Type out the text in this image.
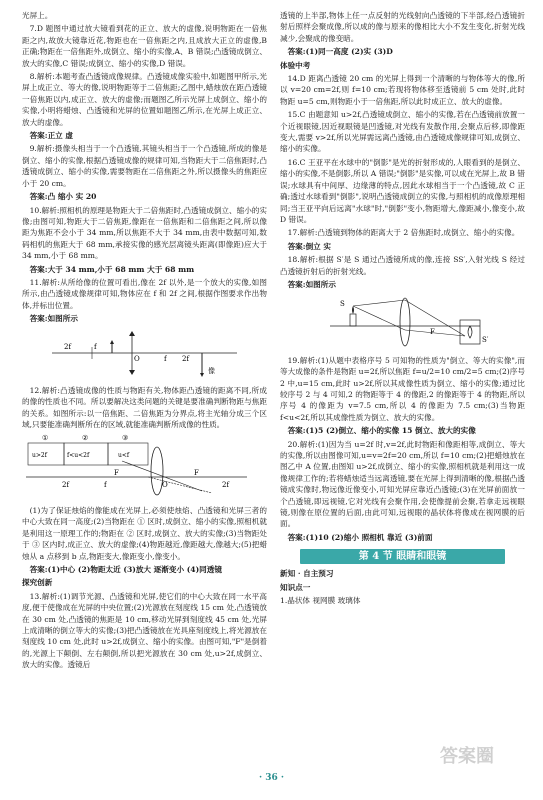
光屏上。

7.D 题图中通过放大镜看到花的正立、放大的虚像,说明物距在一倍焦距之内,故放大镜靠近花,物距也在一倍焦距之内,且成放大正立的虚像,B 正确;物距在一倍焦距外,成倒立、缩小的实像,A、B 错误;凸透镜成倒立、放大的实像,C 错误;成倒立、缩小的实像,D 错误。

8.解析:本题考查凸透镜成像规律。凸透镜成像实验中,如题图甲所示,光屏上成正立、等大的像,说明物距等于二倍焦距;乙图中,蜡烛放在距凸透镜一倍焦距以内,成正立、放大的虚像;而题图乙所示光屏上成倒立、缩小的实像,小明将蜡烛、凸透镜和光屏的位置如题图乙所示,在光屏上成正立、放大的虚像。

答案:正立 虚

9.解析:摄像头相当于一个凸透镜,其镜头相当于一个凸透镜,所成的像是倒立、缩小的实像,根据凸透镜成像的规律可知,当物距大于二倍焦距时,凸透镜成倒立、缩小的实像,需要物距在二倍焦距之外,所以摄像头的焦距应小于 20 cm。

答案:凸 缩小 实 20

10.解析:照相机的原理是物距大于二倍焦距时,凸透镜成倒立、缩小的实像;由图可知,物距大于二倍焦距,像距在一倍焦距和二倍焦距之间,所以像距为焦距不会小于 34 mm,所以焦距不大于 34 mm,由表中数据可知,数码相机的焦距大于 68 mm,承接实像的感光层离镜头距离(即像距)应大于 34 mm,小于 68 mm。

答案:大于 34 mm,小于 68 mm 大于 68 mm

11.解析:从所给像的位置可看出,像在 2f 以外,是一个放大的实像,如图所示,由凸透镜成像规律可知,物体应在 f 和 2f 之间,根据作图要求作出物体,并标出位置。

答案:如图所示

2f	f
O	f 2f
像

12.解析:凸透镜成像的性质与物距有关,物体距凸透镜的距离不同,所成的像的性质也不同。所以要解决这类问题的关键是要准确判断物距与焦距的关系。如图所示:以一倍焦距、二倍焦距为分界点,将主光轴分成三个区域,只要能准确判断所在的区域,就能准确判断所成像的性质。

①	②	③
u>2f	f<u<2f	u<f
2f	f	O
F
2f
F

(1)为了保证烛焰的像能成在光屏上,必须使烛焰、凸透镜和光屏三者的中心大致在同一高度;(2)当物距在 ① 区时,成倒立、缩小的实像,照相机就是利用这一原理工作的;物距在 ② 区时,成倒立、放大的实像;(3)当物距处于 ③ 区内时,成正立、放大的虚像;(4)物距越近,像距越大,像越大;(5)把蜡烛从 a 点移到 b 点,物距变大,像距变小,像变小。

答案:(1)中心 (2)物距太近 (3)放大 逐渐变小 (4)同透镜

探究创新

13.解析:(1)调节光源、凸透镜和光屏,使它们的中心大致在同一水平高度,便于使像成在光屏的中央位置;(2)光源放在刻度线 15 cm 处,凸透镜放在 30 cm 处,凸透镜的焦距是 10 cm,移动光屏到刻度线 45 cm 处,光屏上成清晰的倒立等大的实像;(3)把凸透镜放在光具座刻度线上,将光源放在刻度线 10 cm 处,此时 u>2f,成倒立、缩小的实像。由图可知,"F"是倒着的,光源上下颠倒、左右颠倒,所以把光源放在 30 cm 处,u>2f,成倒立、放大的实像。透镜后

透镜的上半部,物体上任一点反射的光线射向凸透镜的下半部,经凸透镜折射后照样会聚成像,所以成的像与原来的像相比大小不发生变化,折射光线减少,会聚成的像变暗。

答案:(1)同一高度 (2)实 (3)D

体验中考

14.D 距离凸透镜 20 cm 的光屏上得到一个清晰的与物体等大的像,所以 v=20 cm=2f,则 f=10 cm;若现将物体移至透镜前 5 cm 处时,此时物距 u=5 cm,则物距小于一倍焦距,所以此时成正立、放大的虚像。

15.C 由题意知 u>2f,凸透镜成倒立、缩小的实像,若在凸透镜前放置一个近视眼镜,因近视眼镜是凹透镜,对光线有发散作用,会聚点后移,即像距变大,需要 v>2f,所以光屏需远离凸透镜,由凸透镜成像规律可知,成倒立、缩小的实像。

16.C 王亚平在水球中的"倒影"是光的折射形成的,人眼看到的是倒立、缩小的实像,不是倒影,所以 A 错误;"倒影"是实像,可以成在光屏上,故 B 错误;水球具有中间厚、边缘薄的特点,因此水球相当于一个凸透镜,故 C 正确;透过水球看到"倒影",说明凸透镜成倒立的实像,与照相机的成像原理相同;当王亚平向后远离"水球"时,"倒影"变小,物距增大,像距减小,像变小,故 D 错误。

17.解析:凸透镜到物体的距离大于 2 倍焦距时,成倒立、缩小的实像。

答案:倒立 实

18.解析:根据 S′是 S 通过凸透镜所成的像,连接 SS′,入射光线 S 经过凸透镜折射后的折射光线。

答案:如图所示

S
F
S′

19.解析:(1)从题中表格序号 5 可知物的性质为"倒立、等大的实像",而等大成像的条件是物距 u=2f,所以焦距 f=u/2=10 cm/2=5 cm;(2)序号 2 中,u=15 cm,此时 u>2f,所以其成像性质为倒立、缩小的实像;通过比较序号 2 与 4 可知,2 的物距等于 4 的像距,2 的像距等于 4 的物距,所以序号 4 的像距为 v=7.5 cm,所以 4 的像距为 7.5 cm;(3)当物距 f<u<2f,所以其成像性质为倒立、放大的实像。

答案:(1)5 (2)倒立、缩小的实像 15 倒立、放大的实像

20.解析:(1)因为当 u=2f 时,v=2f,此时物距和像距相等,成倒立、等大的实像,所以由图像可知,u=v=2f=20 cm,所以 f=10 cm;(2)把蜡烛放在图乙中 A 位置,由图知 u>2f,成倒立、缩小的实像,照相机就是利用这一成像规律工作的;若将蜡烛适当远离透镜,要在光屏上得到清晰的像,根据凸透镜成实像时,物远像近像变小,可知光屏应靠近凸透镜;(3)在光屏前面放一个凸透镜,即远视镜,它对光线有会聚作用,会使像提前会聚,若拿走远视眼镜,则像在原位置的后面,由此可知,远视眼的晶状体将像成在视网膜的后面。

答案:(1)10 (2)缩小 照相机 靠近 (3)前面

第 4 节 眼睛和眼镜

新知 · 自主预习

知识点一

1.晶状体 视网膜 玻璃体

· 36 ·
答案圈
